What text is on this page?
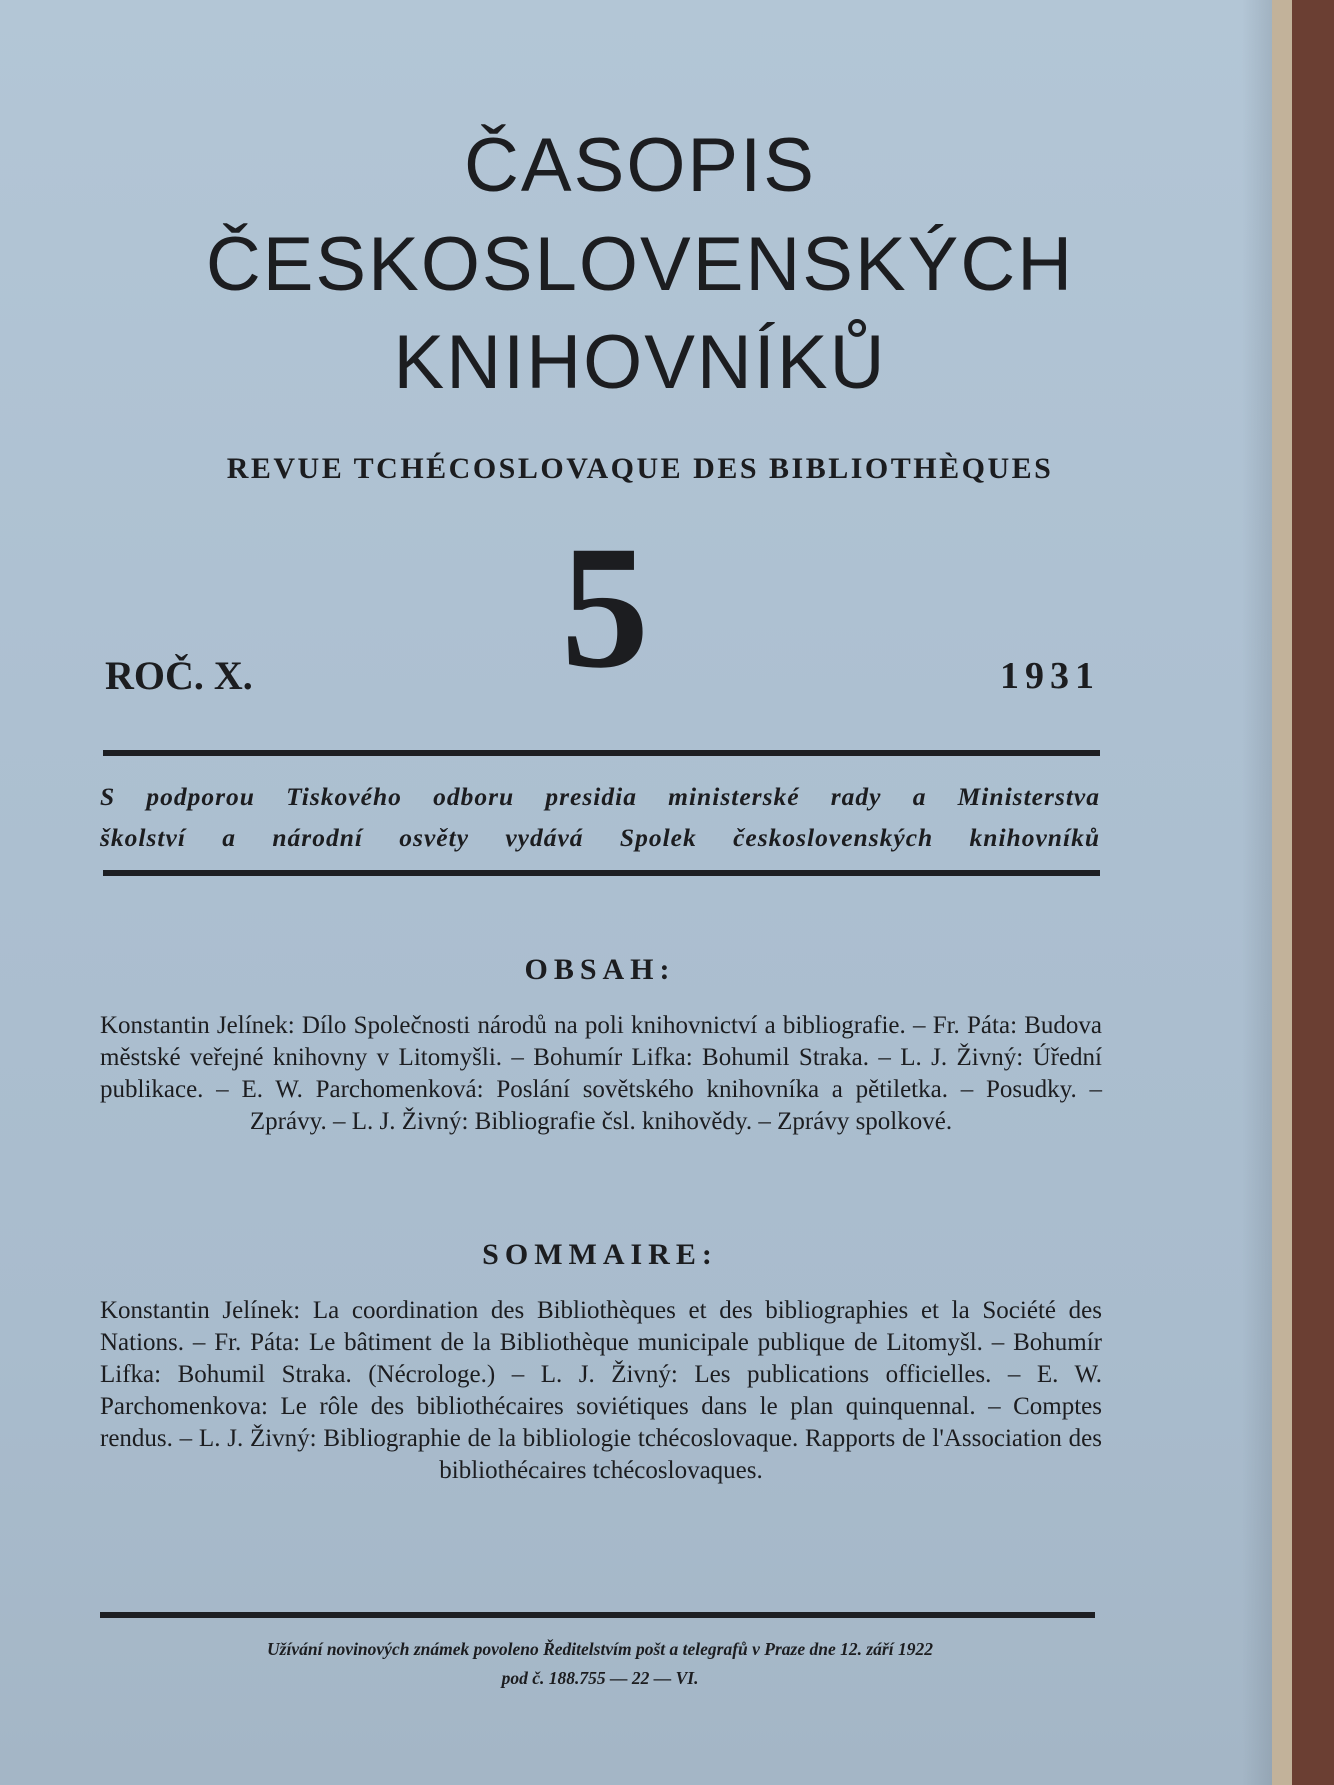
ČASOPIS
ČESKOSLOVENSKÝCH
KNIHOVNÍKŮ
REVUE TCHÉCOSLOVAQUE DES BIBLIOTHÈQUES
ROČ. X.	5	1931
S podporou Tiskového odboru presidia ministerské rady a Ministerstva
školství a národní osvěty vydává Spolek československých knihovníků
OBSAH:
Konstantin Jelínek: Dílo Společnosti národů na poli knihovnictví a bibliografie. – Fr. Páta: Budova městské veřejné knihovny v Litomyšli. – Bohumír Lifka: Bohumil Straka. – L. J. Živný: Úřední publikace. – E. W. Parchomenková: Poslání sovětského knihovníka a pětiletka. – Posudky. – Zprávy. – L. J. Živný: Bibliografie čsl. knihovědy. – Zprávy spolkové.
SOMMAIRE:
Konstantin Jelínek: La coordination des Bibliothèques et des bibliographies et la Société des Nations. – Fr. Páta: Le bâtiment de la Bibliothèque municipale publique de Litomyšl. – Bohumír Lifka: Bohumil Straka. (Nécrologe.) – L. J. Živný: Les publications officielles. – E. W. Parchomenkova: Le rôle des bibliothécaires soviétiques dans le plan quinquennal. – Comptes rendus. – L. J. Živný: Bibliographie de la bibliologie tchécoslovaque. Rapports de l'Association des bibliothécaires tchécoslovaques.
Užívání novinových známek povoleno Ředitelstvím pošt a telegrafů v Praze dne 12. září 1922
pod č. 188.755 — 22 — VI.
